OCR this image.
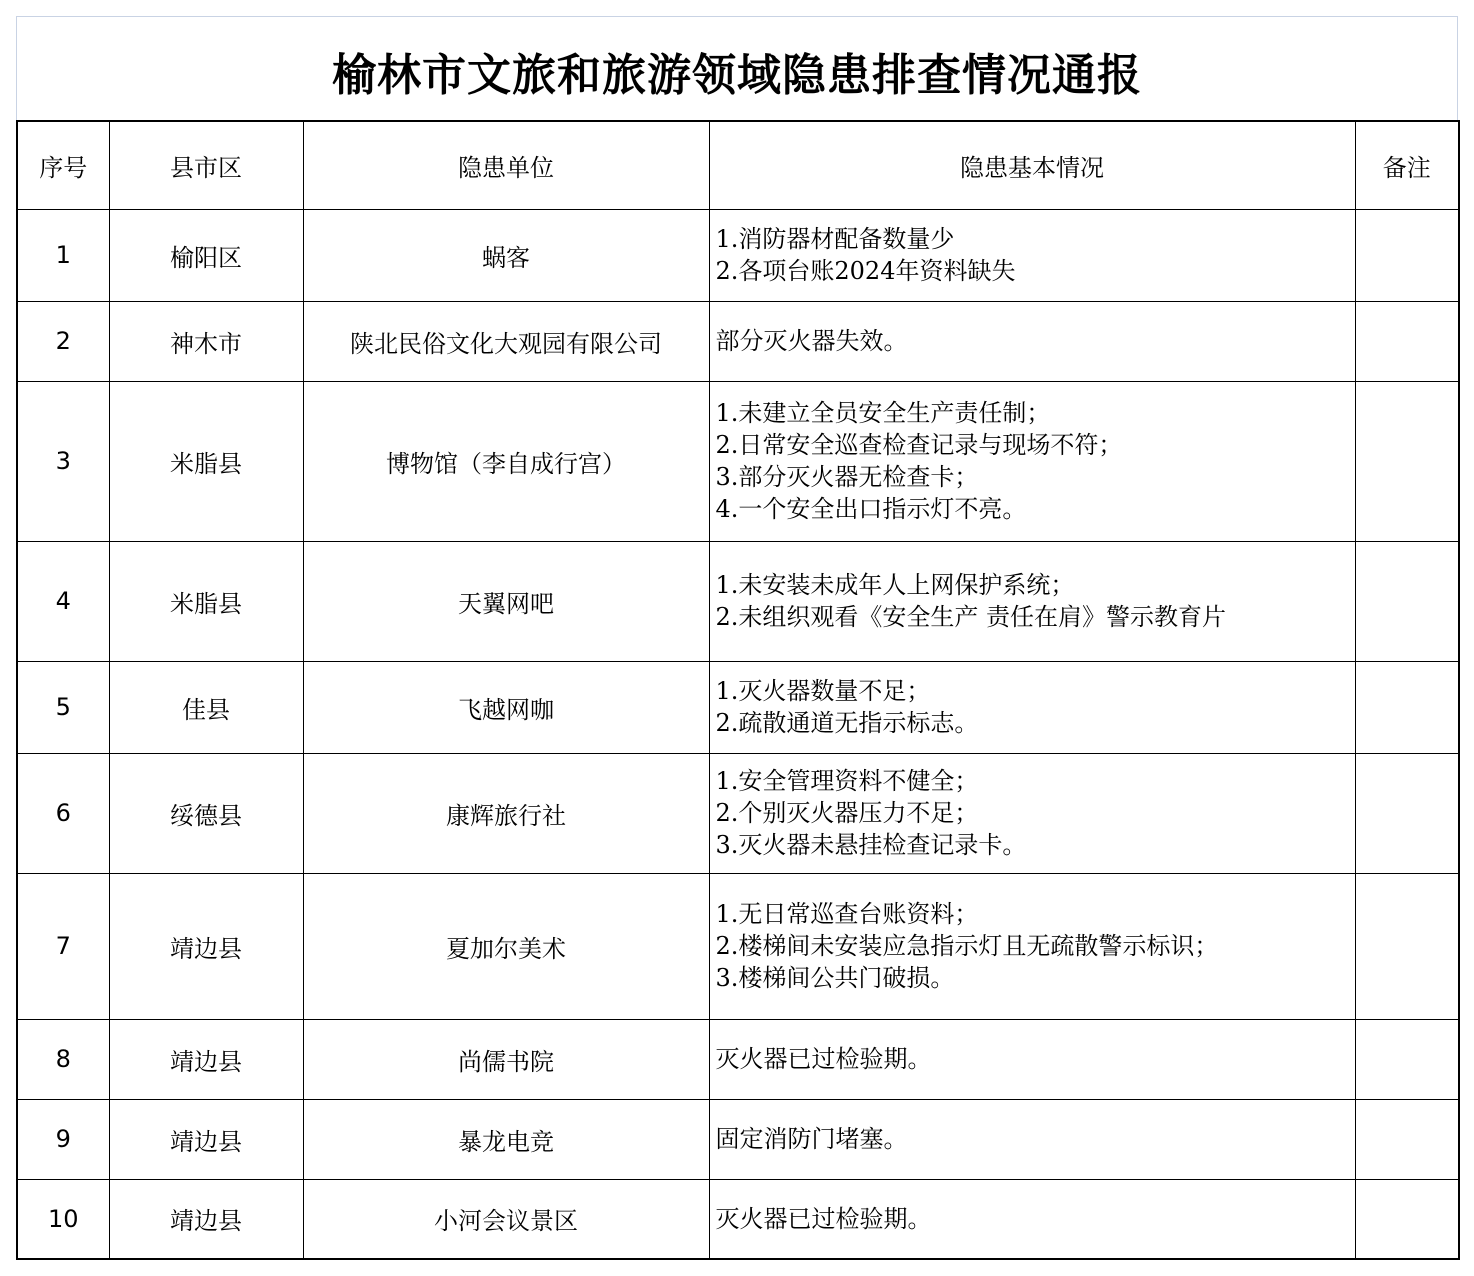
榆林市文旅和旅游领域隐患排查情况通报
序号	县市区	隐患单位	隐患基本情况	备注
1	榆阳区	蜗客	1.消防器材配备数量少
2.各项台账2024年资料缺失	

2	神木市	陕北民俗文化大观园有限公司	部分灭火器失效。	

3	米脂县	博物馆（李自成行宫）	1.未建立全员安全生产责任制；
2.日常安全巡查检查记录与现场不符；
3.部分灭火器无检查卡；
4.一个安全出口指示灯不亮。	

4	米脂县	天翼网吧	1.未安装未成年人上网保护系统；
2.未组织观看《安全生产 责任在肩》警示教育片	

5	佳县	飞越网咖	1.灭火器数量不足；
2.疏散通道无指示标志。	

6	绥德县	康辉旅行社	1.安全管理资料不健全；
2.个别灭火器压力不足；
3.灭火器未悬挂检查记录卡。	

7	靖边县	夏加尔美术	1.无日常巡查台账资料；
2.楼梯间未安装应急指示灯且无疏散警示标识；
3.楼梯间公共门破损。	

8	靖边县	尚儒书院	灭火器已过检验期。	

9	靖边县	暴龙电竞	固定消防门堵塞。	

10	靖边县	小河会议景区	灭火器已过检验期。	
